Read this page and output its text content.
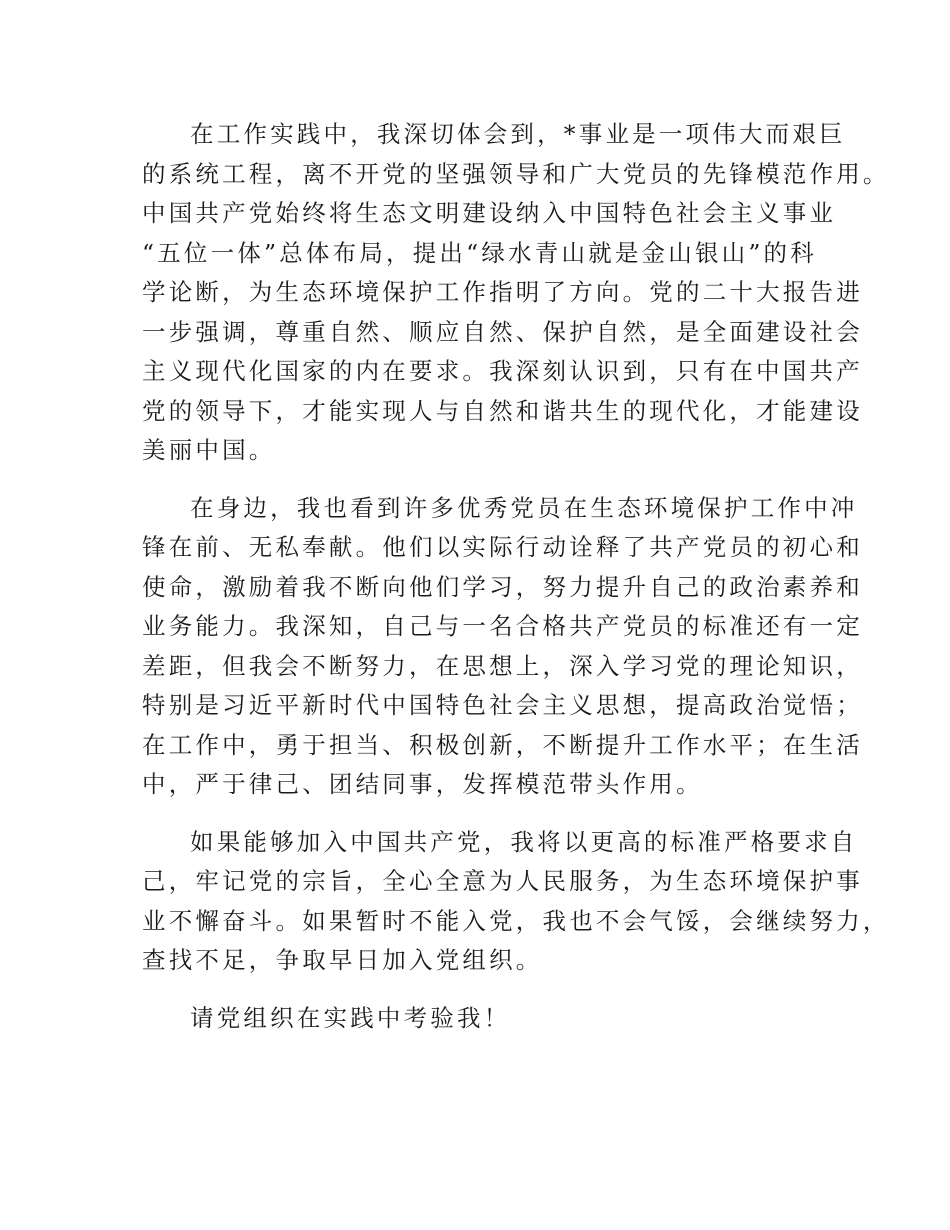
在工作实践中，我深切体会到，*事业是一项伟大而艰巨
的系统工程，离不开党的坚强领导和广大党员的先锋模范作用。
中国共产党始终将生态文明建设纳入中国特色社会主义事业
“五位一体”总体布局，提出“绿水青山就是金山银山”的科
学论断，为生态环境保护工作指明了方向。党的二十大报告进
一步强调，尊重自然、顺应自然、保护自然，是全面建设社会
主义现代化国家的内在要求。我深刻认识到，只有在中国共产
党的领导下，才能实现人与自然和谐共生的现代化，才能建设
美丽中国。
在身边，我也看到许多优秀党员在生态环境保护工作中冲
锋在前、无私奉献。他们以实际行动诠释了共产党员的初心和
使命，激励着我不断向他们学习，努力提升自己的政治素养和
业务能力。我深知，自己与一名合格共产党员的标准还有一定
差距，但我会不断努力，在思想上，深入学习党的理论知识，
特别是习近平新时代中国特色社会主义思想，提高政治觉悟；
在工作中，勇于担当、积极创新，不断提升工作水平；在生活
中，严于律己、团结同事，发挥模范带头作用。
如果能够加入中国共产党，我将以更高的标准严格要求自
己，牢记党的宗旨，全心全意为人民服务，为生态环境保护事
业不懈奋斗。如果暂时不能入党，我也不会气馁，会继续努力，
查找不足，争取早日加入党组织。
请党组织在实践中考验我！
